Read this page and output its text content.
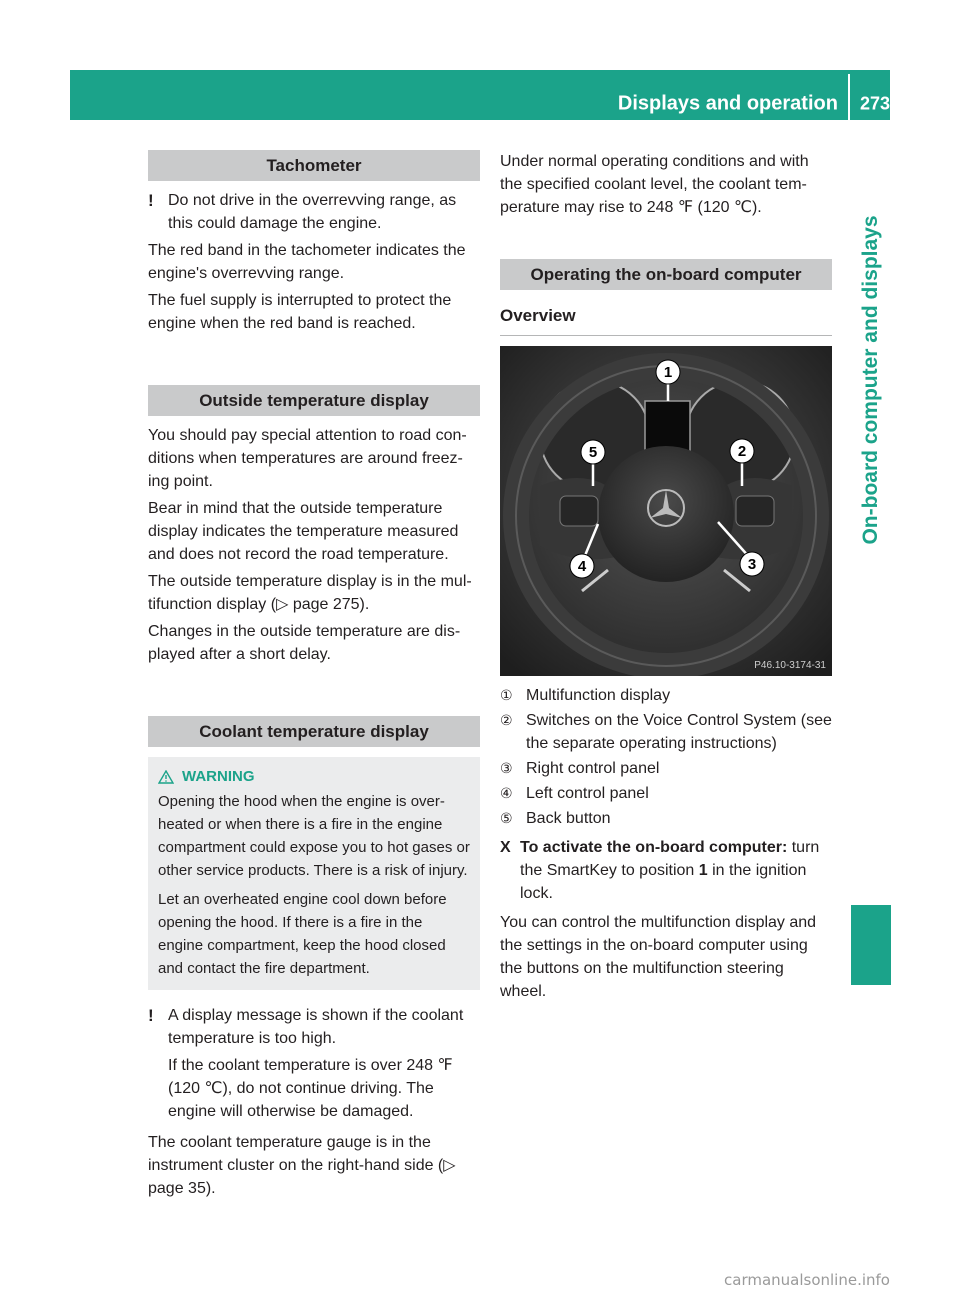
Displays and operation 273
On-board computer and displays
Tachometer
! Do not drive in the overrevving range, as this could damage the engine.

The red band in the tachometer indicates the engine's overrevving range.

The fuel supply is interrupted to protect the engine when the red band is reached.

Outside temperature display

You should pay special attention to road con-ditions when temperatures are around freez-ing point.

Bear in mind that the outside temperature display indicates the temperature measured and does not record the road temperature.

The outside temperature display is in the mul-tifunction display (▷ page 275).

Changes in the outside temperature are dis-played after a short delay.

Coolant temperature display
WARNING

Opening the hood when the engine is over-heated or when there is a fire in the engine compartment could expose you to hot gases or other service products. There is a risk of injury.

Let an overheated engine cool down before opening the hood. If there is a fire in the engine compartment, keep the hood closed and contact the fire department.

! A display message is shown if the coolant temperature is too high.

If the coolant temperature is over 248 ℉ (120 ℃), do not continue driving. The engine will otherwise be damaged.

The coolant temperature gauge is in the instrument cluster on the right-hand side (▷ page 35).

Under normal operating conditions and with the specified coolant level, the coolant tem-perature may rise to 248 ℉ (120 ℃).

Operating the on-board computer
Overview
1
2
3
4
5
P46.10-3174-31
① Multifunction display
② Switches on the Voice Control System (see the separate operating instructions)
③ Right control panel
④ Left control panel
⑤ Back button
X To activate the on-board computer: turn the SmartKey to position 1 in the ignition lock.

You can control the multifunction display and the settings in the on-board computer using the buttons on the multifunction steering wheel.

carmanualsonline.info
